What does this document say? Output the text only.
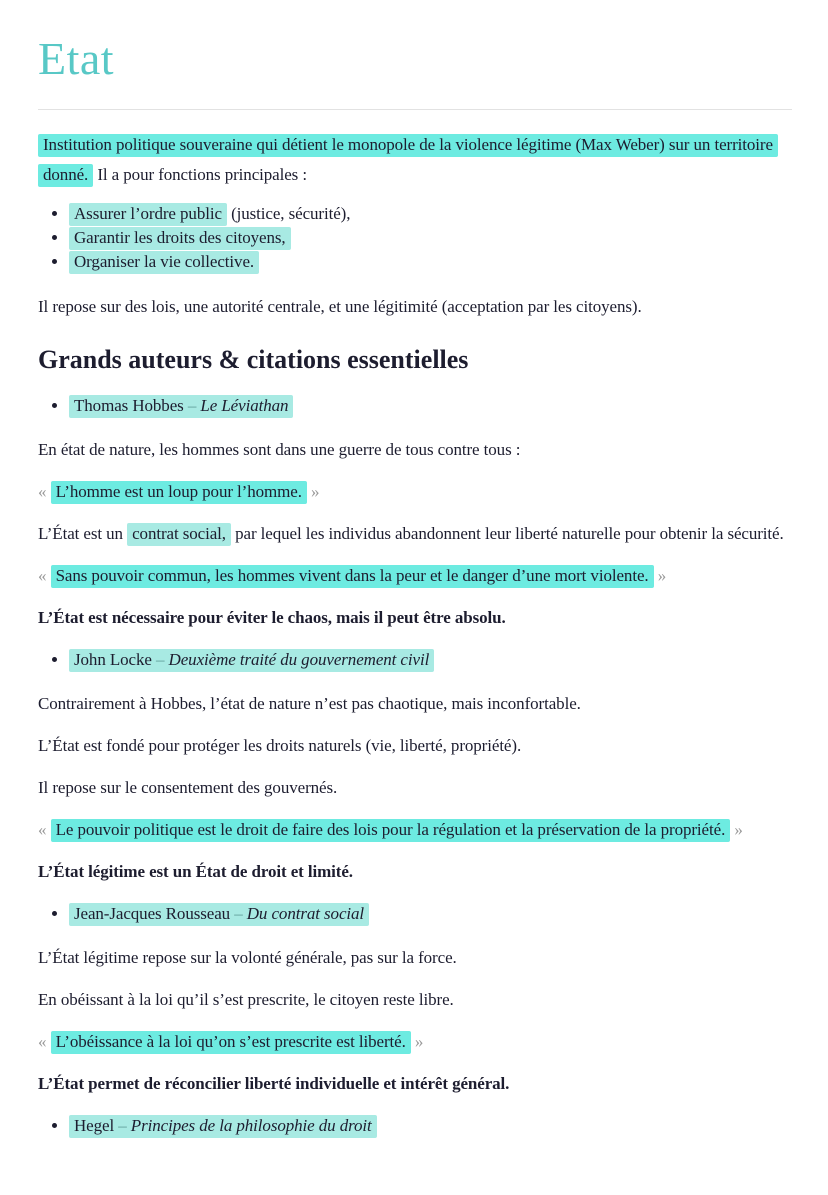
Etat

Institution politique souveraine qui détient le monopole de la violence légitime (Max Weber) sur un territoire donné. Il a pour fonctions principales :

• Assurer l’ordre public (justice, sécurité),
• Garantir les droits des citoyens,
• Organiser la vie collective.

Il repose sur des lois, une autorité centrale, et une légitimité (acceptation par les citoyens).

Grands auteurs & citations essentielles
• Thomas Hobbes – Le Léviathan

En état de nature, les hommes sont dans une guerre de tous contre tous :

« L’homme est un loup pour l’homme. »

L’État est un contrat social, par lequel les individus abandonnent leur liberté naturelle pour obtenir la sécurité.

« Sans pouvoir commun, les hommes vivent dans la peur et le danger d’une mort violente. »

L’État est nécessaire pour éviter le chaos, mais il peut être absolu.

• John Locke – Deuxième traité du gouvernement civil

Contrairement à Hobbes, l’état de nature n’est pas chaotique, mais inconfortable.

L’État est fondé pour protéger les droits naturels (vie, liberté, propriété).

Il repose sur le consentement des gouvernés.

« Le pouvoir politique est le droit de faire des lois pour la régulation et la préservation de la propriété. »

L’État légitime est un État de droit et limité.

• Jean-Jacques Rousseau – Du contrat social

L’État légitime repose sur la volonté générale, pas sur la force.

En obéissant à la loi qu’il s’est prescrite, le citoyen reste libre.

« L’obéissance à la loi qu’on s’est prescrite est liberté. »

L’État permet de réconcilier liberté individuelle et intérêt général.

• Hegel – Principes de la philosophie du droit
